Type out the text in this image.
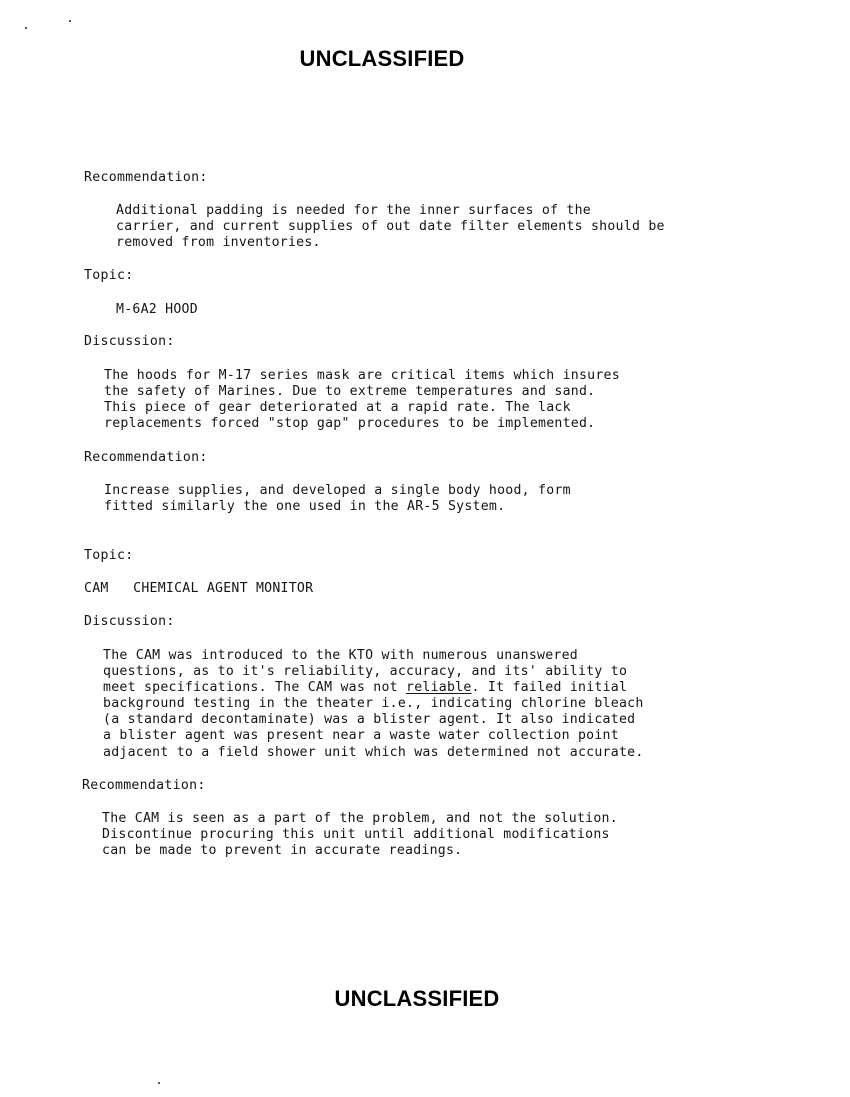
UNCLASSIFIED

Recommendation:

Additional padding is needed for the inner surfaces of the

carrier, and current supplies of out date filter elements should be

removed from inventories.

Topic:

M-6A2 HOOD

Discussion:

The hoods for M-17 series mask are critical items which insures

the safety of Marines. Due to extreme temperatures and sand.

This piece of gear deteriorated at a rapid rate. The lack

replacements forced "stop gap" procedures to be implemented.

Recommendation:

Increase supplies, and developed a single body hood, form

fitted similarly the one used in the AR-5 System.

Topic:

CAM   CHEMICAL AGENT MONITOR

Discussion:

The CAM was introduced to the KTO with numerous unanswered

questions, as to it's reliability, accuracy, and its' ability to

meet specifications. The CAM was not reliable. It failed initial

background testing in the theater i.e., indicating chlorine bleach

(a standard decontaminate) was a blister agent. It also indicated

a blister agent was present near a waste water collection point

adjacent to a field shower unit which was determined not accurate.

Recommendation:

The CAM is seen as a part of the problem, and not the solution.

Discontinue procuring this unit until additional modifications

can be made to prevent in accurate readings.

UNCLASSIFIED
